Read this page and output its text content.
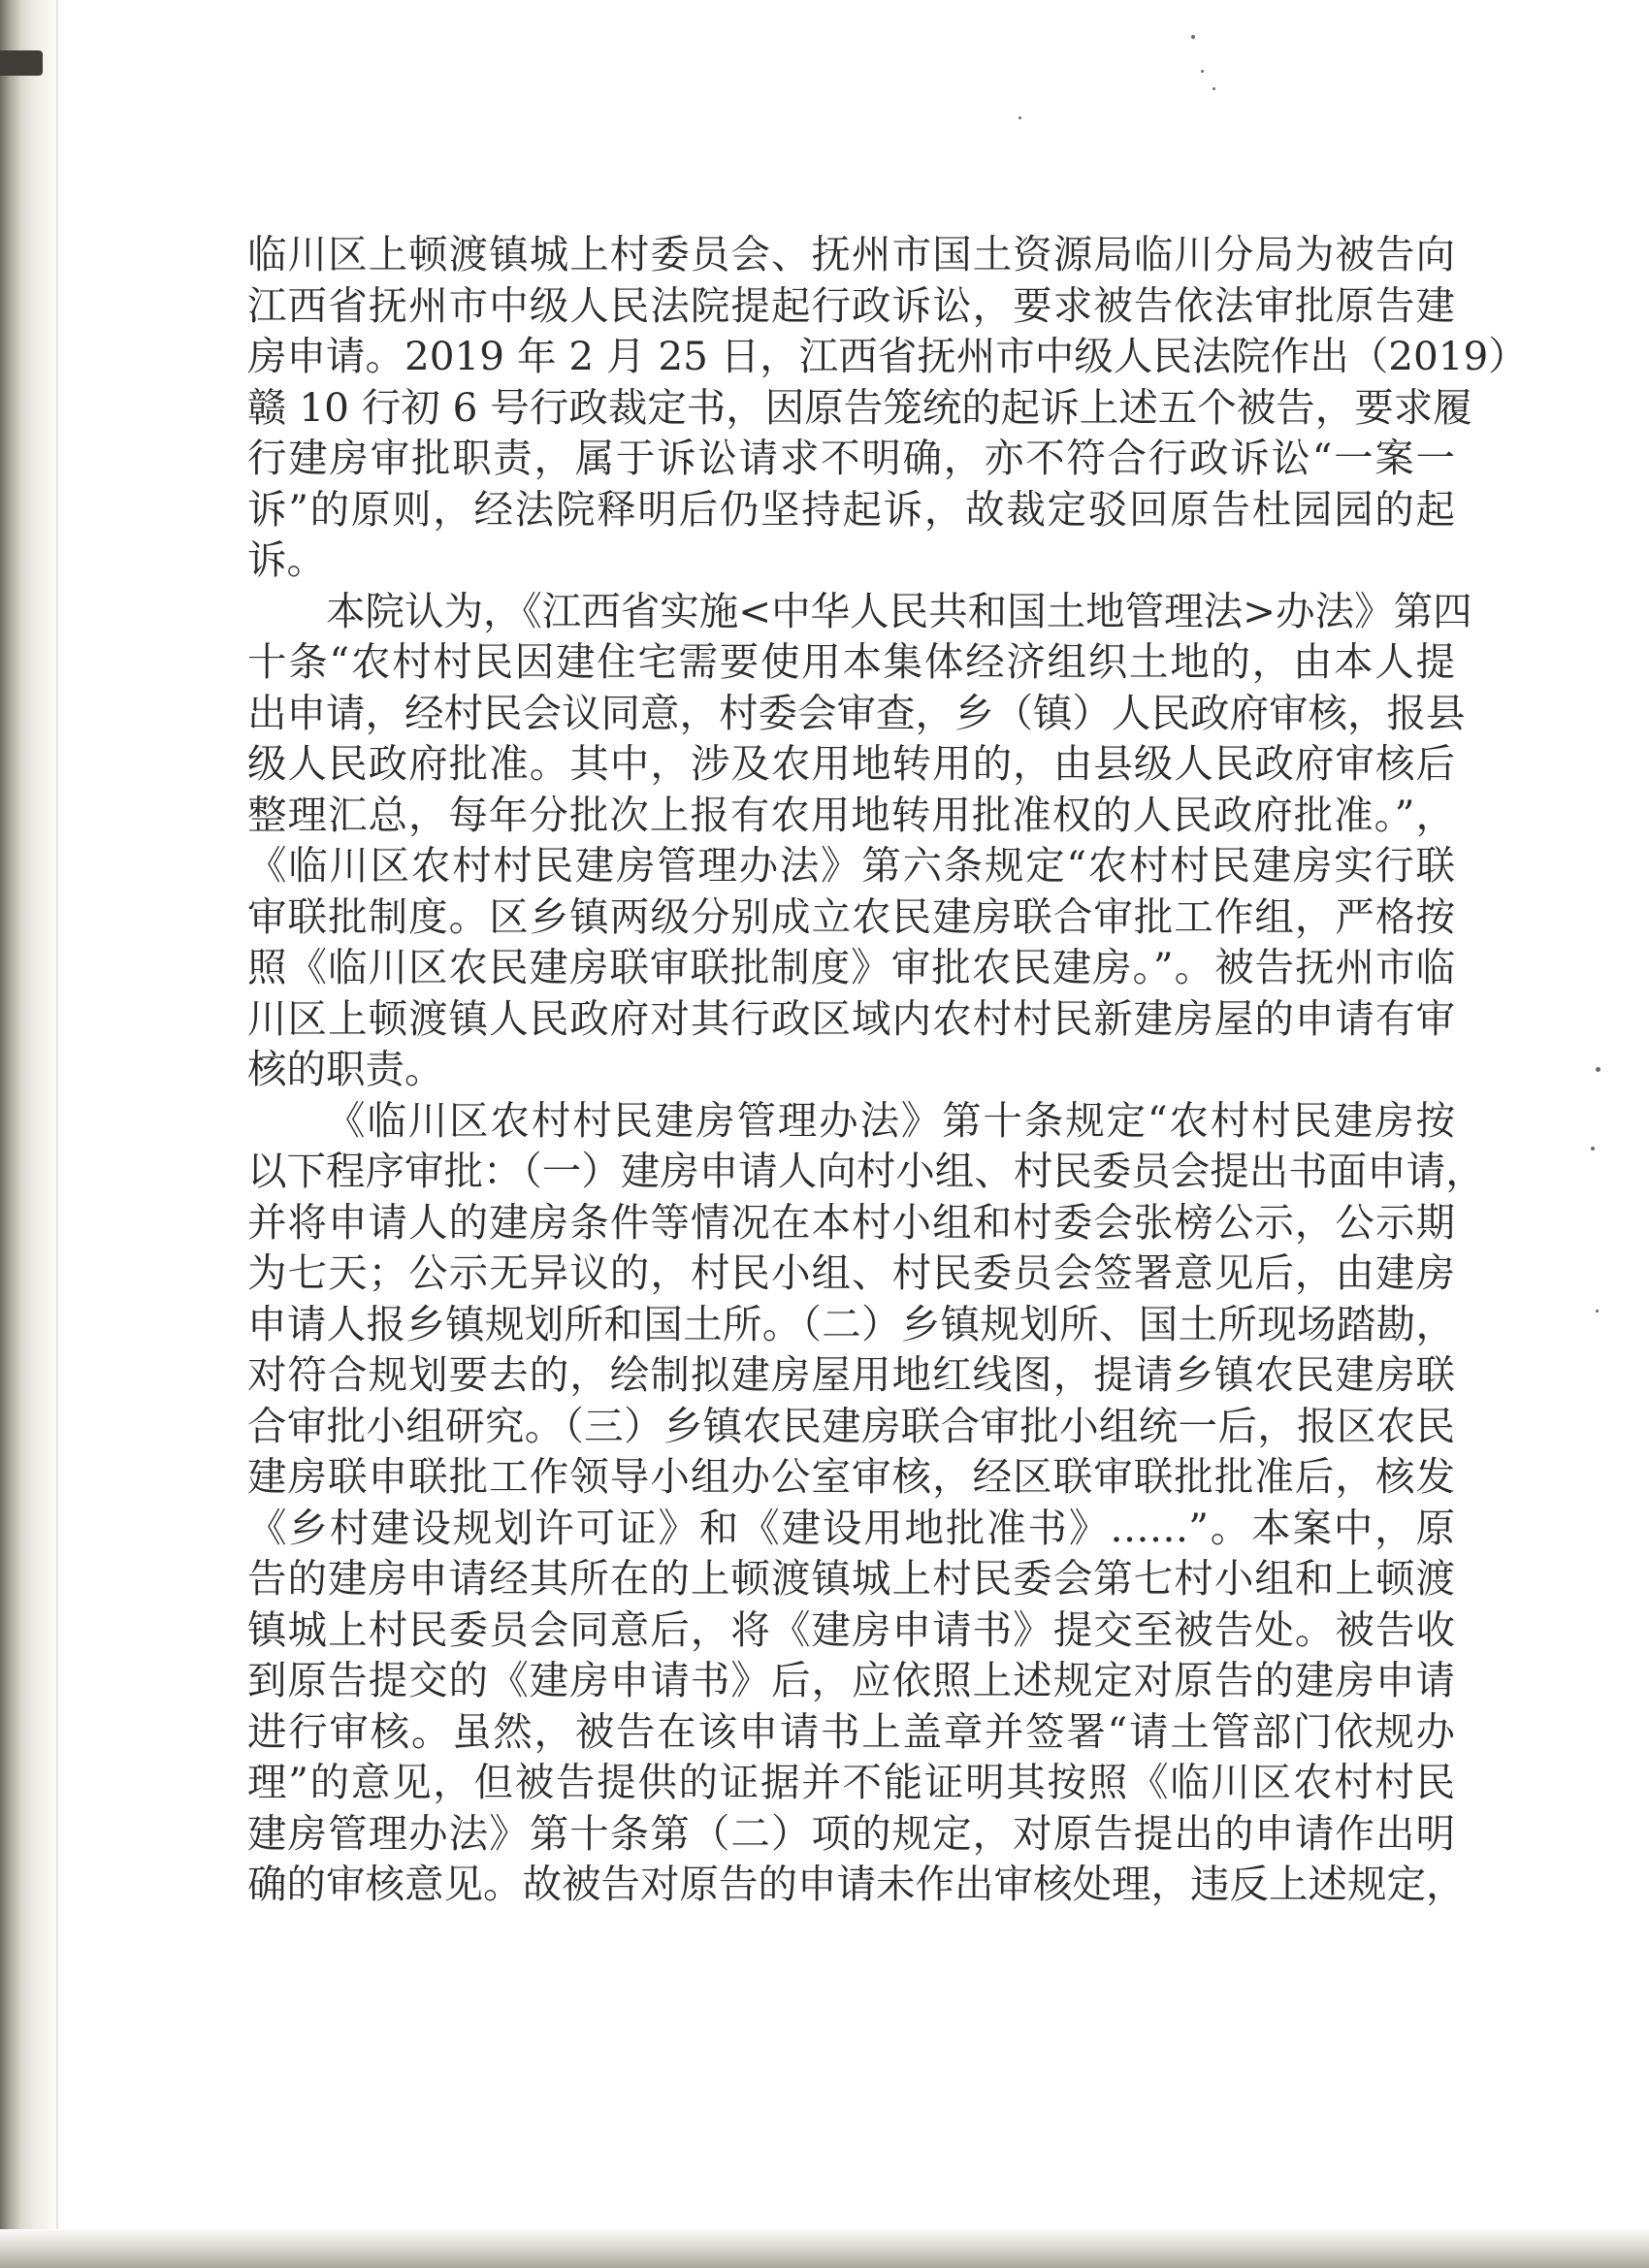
临川区上顿渡镇城上村委员会、抚州市国土资源局临川分局为被告向
江西省抚州市中级人民法院提起行政诉讼，要求被告依法审批原告建
房申请。2019 年 2 月 25 日，江西省抚州市中级人民法院作出（2019）
赣 10 行初 6 号行政裁定书，因原告笼统的起诉上述五个被告，要求履
行建房审批职责，属于诉讼请求不明确，亦不符合行政诉讼“一案一
诉”的原则，经法院释明后仍坚持起诉，故裁定驳回原告杜园园的起
诉。
本院认为，《江西省实施<中华人民共和国土地管理法>办法》第四
十条“农村村民因建住宅需要使用本集体经济组织土地的，由本人提
出申请，经村民会议同意，村委会审查，乡（镇）人民政府审核，报县
级人民政府批准。其中，涉及农用地转用的，由县级人民政府审核后
整理汇总，每年分批次上报有农用地转用批准权的人民政府批准。”，
《临川区农村村民建房管理办法》第六条规定“农村村民建房实行联
审联批制度。区乡镇两级分别成立农民建房联合审批工作组，严格按
照《临川区农民建房联审联批制度》审批农民建房。”。被告抚州市临
川区上顿渡镇人民政府对其行政区域内农村村民新建房屋的申请有审
核的职责。
《临川区农村村民建房管理办法》第十条规定“农村村民建房按
以下程序审批：（一）建房申请人向村小组、村民委员会提出书面申请，
并将申请人的建房条件等情况在本村小组和村委会张榜公示，公示期
为七天；公示无异议的，村民小组、村民委员会签署意见后，由建房
申请人报乡镇规划所和国土所。（二）乡镇规划所、国土所现场踏勘，
对符合规划要去的，绘制拟建房屋用地红线图，提请乡镇农民建房联
合审批小组研究。（三）乡镇农民建房联合审批小组统一后，报区农民
建房联申联批工作领导小组办公室审核，经区联审联批批准后，核发
《乡村建设规划许可证》和《建设用地批准书》……”。本案中，原
告的建房申请经其所在的上顿渡镇城上村民委会第七村小组和上顿渡
镇城上村民委员会同意后，将《建房申请书》提交至被告处。被告收
到原告提交的《建房申请书》后，应依照上述规定对原告的建房申请
进行审核。虽然，被告在该申请书上盖章并签署“请土管部门依规办
理”的意见，但被告提供的证据并不能证明其按照《临川区农村村民
建房管理办法》第十条第（二）项的规定，对原告提出的申请作出明
确的审核意见。故被告对原告的申请未作出审核处理，违反上述规定，
